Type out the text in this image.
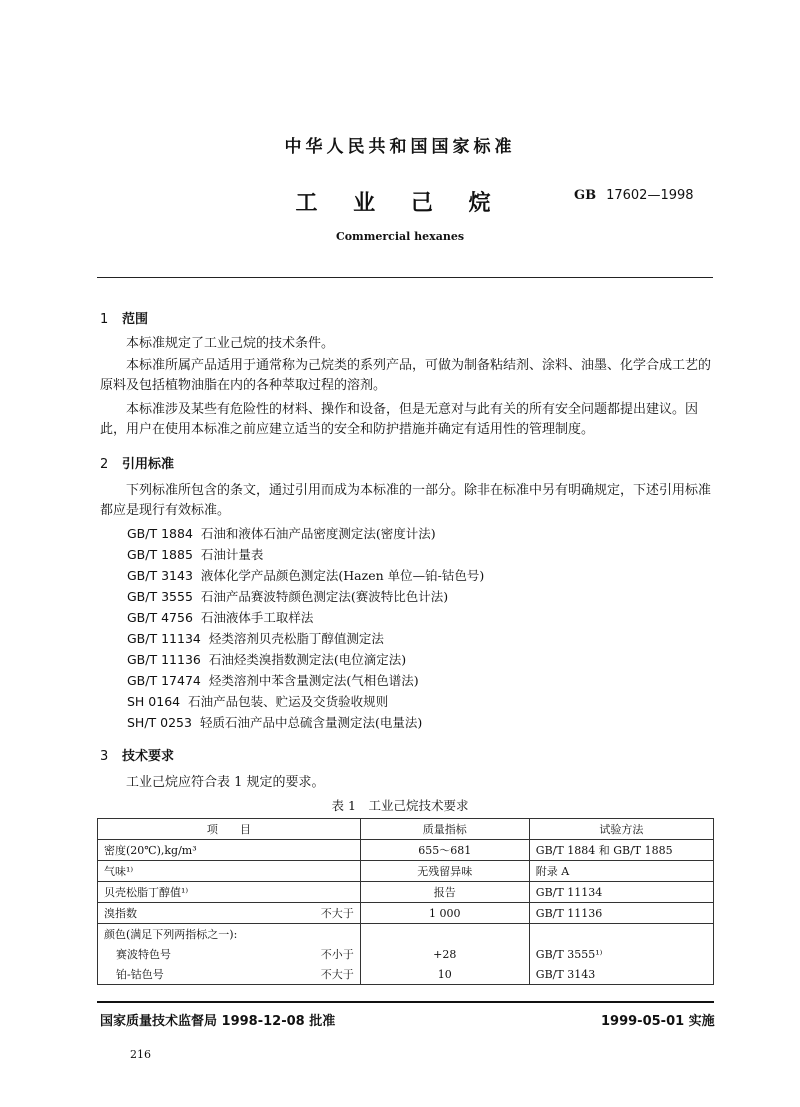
中华人民共和国国家标准
工 业 己 烷	GB 17602—1998
Commercial hexanes
1 范围
本标准规定了工业己烷的技术条件。
本标准所属产品适用于通常称为己烷类的系列产品，可做为制备粘结剂、涂料、油墨、化学合成工艺的原料及包括植物油脂在内的各种萃取过程的溶剂。
本标准涉及某些有危险性的材料、操作和设备，但是无意对与此有关的所有安全问题都提出建议。因此，用户在使用本标准之前应建立适当的安全和防护措施并确定有适用性的管理制度。
2 引用标准
下列标准所包含的条文，通过引用而成为本标准的一部分。除非在标准中另有明确规定，下述引用标准都应是现行有效标准。
GB/T 1884 石油和液体石油产品密度测定法(密度计法)
GB/T 1885 石油计量表
GB/T 3143 液体化学产品颜色测定法(Hazen 单位—铂-钴色号)
GB/T 3555 石油产品赛波特颜色测定法(赛波特比色计法)
GB/T 4756 石油液体手工取样法
GB/T 11134 烃类溶剂贝壳松脂丁醇值测定法
GB/T 11136 石油烃类溴指数测定法(电位滴定法)
GB/T 17474 烃类溶剂中苯含量测定法(气相色谱法)
SH 0164 石油产品包装、贮运及交货验收规则
SH/T 0253 轻质石油产品中总硫含量测定法(电量法)
3 技术要求
工业己烷应符合表 1 规定的要求。
表 1　工业己烷技术要求
项　　目	质量指标	试验方法

密度(20℃),kg/m³	655～681	GB/T 1884 和 GB/T 1885

气味¹⁾	无残留异味	附录 A

贝壳松脂丁醇值¹⁾	报告	GB/T 11134

溴指数 不大于	1 000	GB/T 11136
颜色(满足下列两指标之一):		

赛波特色号 不小于	+28	GB/T 3555¹⁾

铂-钴色号 不大于	10	GB/T 3143
国家质量技术监督局 1998-12-08 批准	1999-05-01 实施
216
